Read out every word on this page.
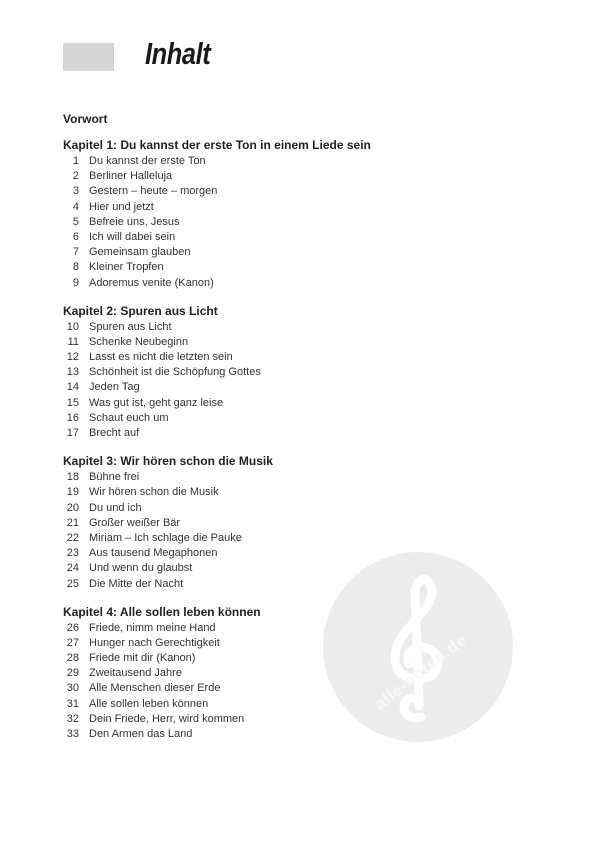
Inhalt
alle-noten.de
Vorwort
Kapitel 1: Du kannst der erste Ton in einem Liede sein
1 Du kannst der erste Ton
2 Berliner Halleluja
3 Gestern – heute – morgen
4 Hier und jetzt
5 Befreie uns, Jesus
6 Ich will dabei sein
7 Gemeinsam glauben
8 Kleiner Tropfen
9 Adoremus venite (Kanon)
Kapitel 2: Spuren aus Licht
10 Spuren aus Licht
11 Schenke Neubeginn
12 Lasst es nicht die letzten sein
13 Schönheit ist die Schöpfung Gottes
14 Jeden Tag
15 Was gut ist, geht ganz leise
16 Schaut euch um
17 Brecht auf
Kapitel 3: Wir hören schon die Musik
18 Bühne frei
19 Wir hören schon die Musik
20 Du und ich
21 Großer weißer Bär
22 Miriam – Ich schlage die Pauke
23 Aus tausend Megaphonen
24 Und wenn du glaubst
25 Die Mitte der Nacht
Kapitel 4: Alle sollen leben können
26 Friede, nimm meine Hand
27 Hunger nach Gerechtigkeit
28 Friede mit dir (Kanon)
29 Zweitausend Jahre
30 Alle Menschen dieser Erde
31 Alle sollen leben können
32 Dein Friede, Herr, wird kommen
33 Den Armen das Land
